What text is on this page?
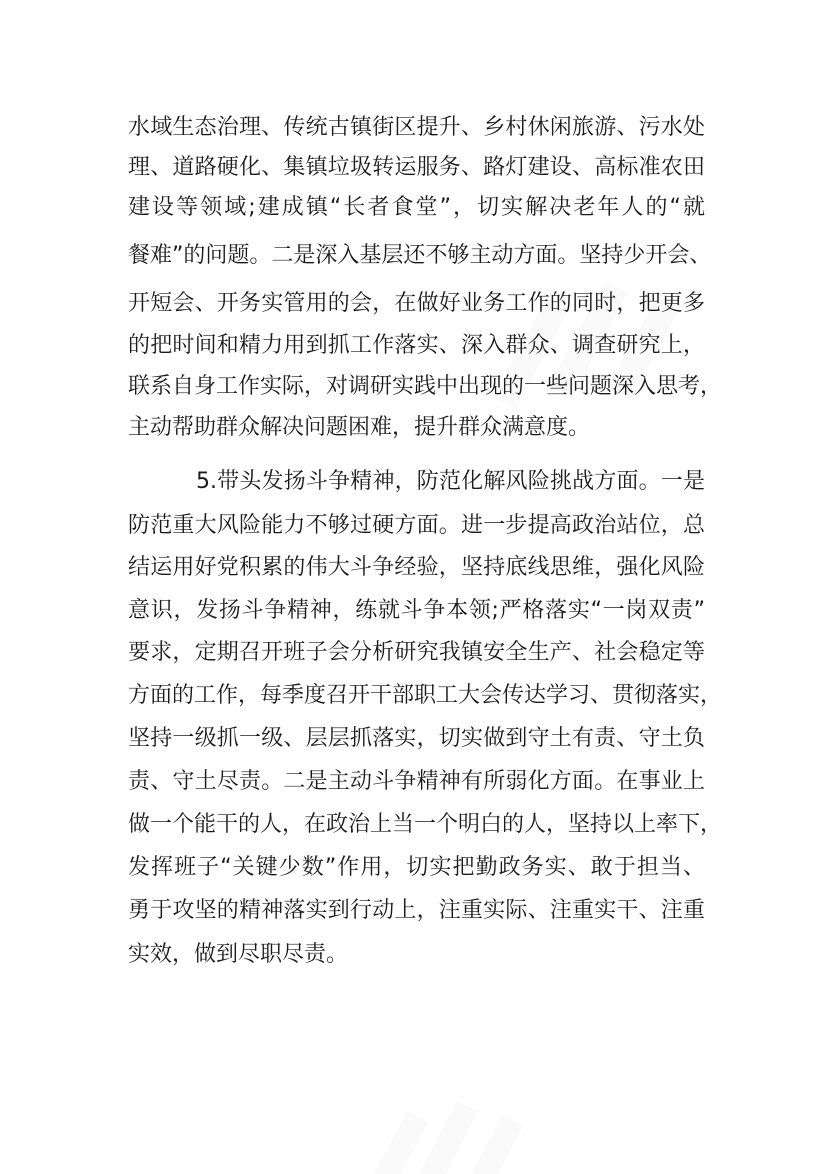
水域生态治理、传统古镇街区提升、乡村休闲旅游、污水处
理、道路硬化、集镇垃圾转运服务、路灯建设、高标准农田
建设等领域;建成镇“长者食堂”，切实解决老年人的“就
餐难”的问题。二是深入基层还不够主动方面。坚持少开会、
开短会、开务实管用的会，在做好业务工作的同时，把更多
的把时间和精力用到抓工作落实、深入群众、调查研究上，
联系自身工作实际，对调研实践中出现的一些问题深入思考，
主动帮助群众解决问题困难，提升群众满意度。
5.带头发扬斗争精神，防范化解风险挑战方面。一是
防范重大风险能力不够过硬方面。进一步提高政治站位，总
结运用好党积累的伟大斗争经验，坚持底线思维，强化风险
意识，发扬斗争精神，练就斗争本领;严格落实“一岗双责”
要求，定期召开班子会分析研究我镇安全生产、社会稳定等
方面的工作，每季度召开干部职工大会传达学习、贯彻落实，
坚持一级抓一级、层层抓落实，切实做到守土有责、守土负
责、守土尽责。二是主动斗争精神有所弱化方面。在事业上
做一个能干的人，在政治上当一个明白的人，坚持以上率下，
发挥班子“关键少数”作用，切实把勤政务实、敢于担当、
勇于攻坚的精神落实到行动上，注重实际、注重实干、注重
实效，做到尽职尽责。
